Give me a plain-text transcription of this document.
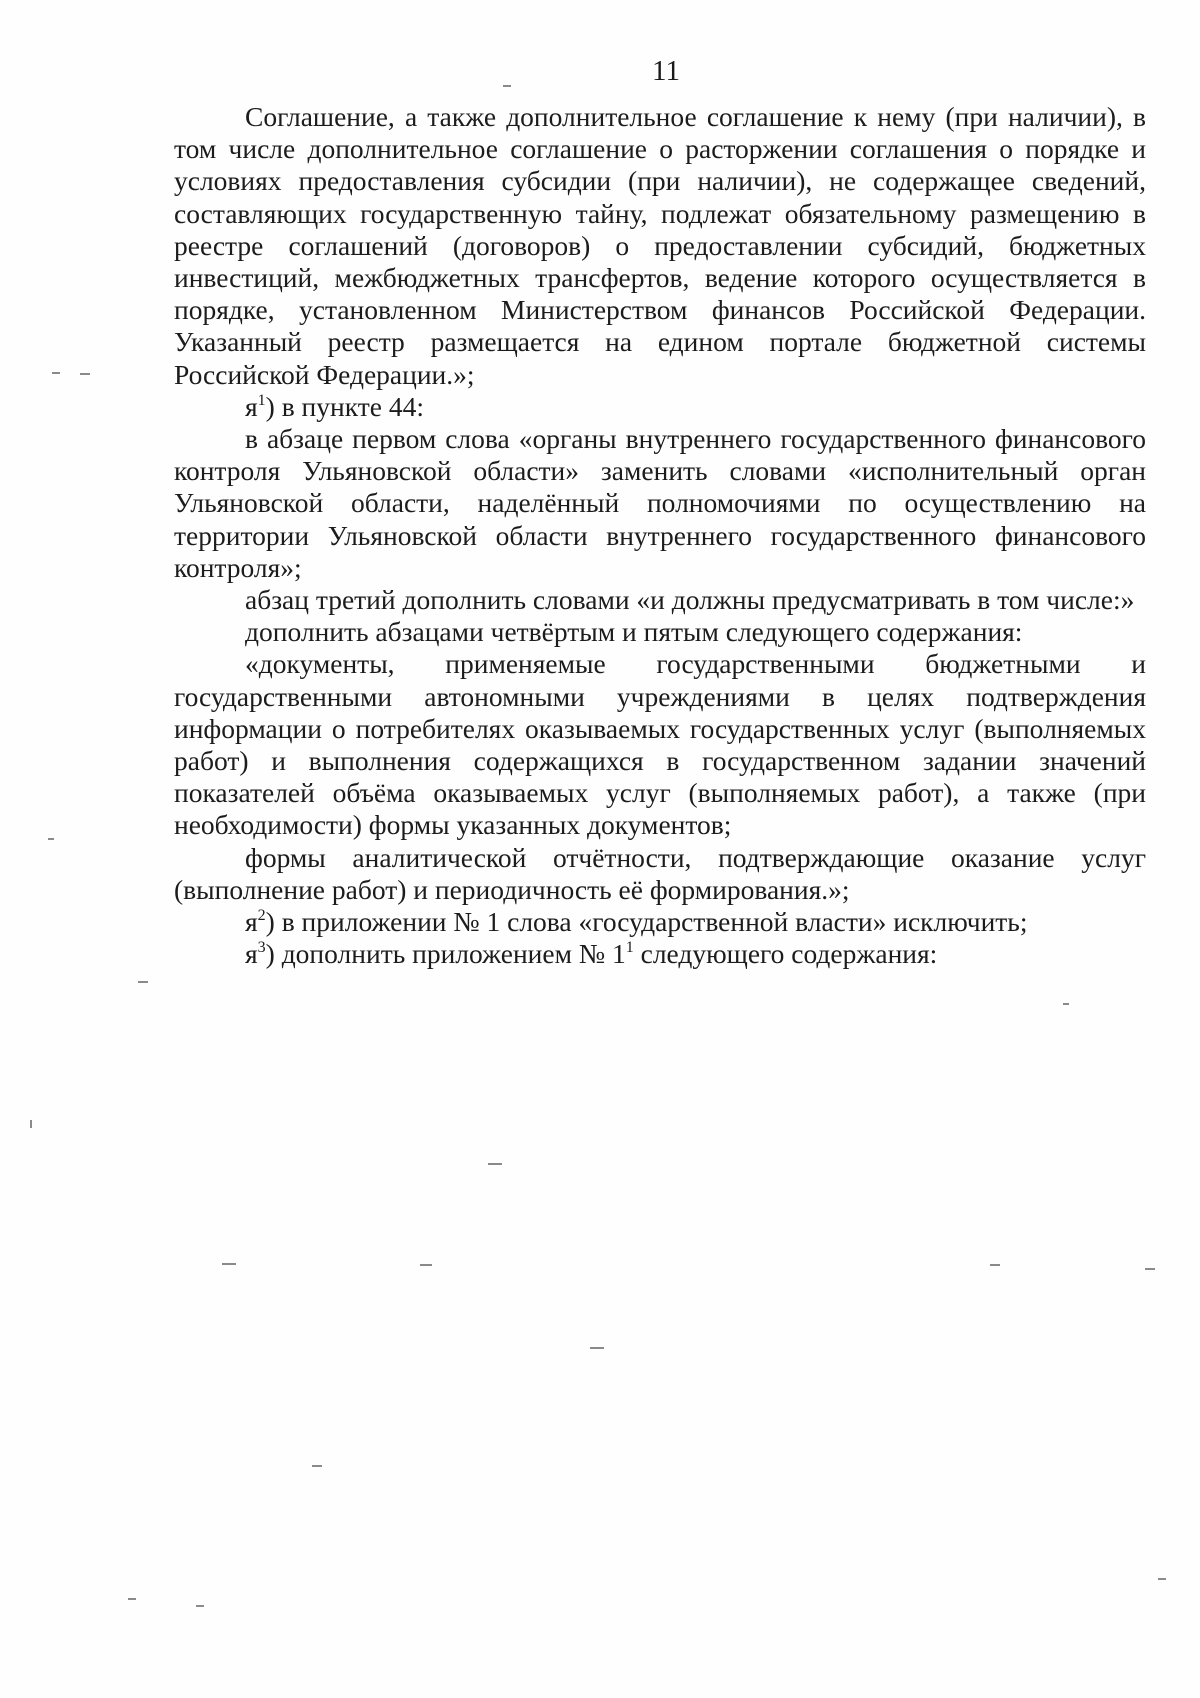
11

Соглашение, а также дополнительное соглашение к нему (при наличии), в том числе дополнительное соглашение о расторжении соглашения о порядке и условиях предоставления субсидии (при наличии), не содержащее сведений, составляющих государственную тайну, подлежат обязательному размещению в реестре соглашений (договоров) о предоставлении субсидий, бюджетных инвестиций, межбюджетных трансфертов, ведение которого осуществляется в порядке, установленном Министерством финансов Российской Федерации. Указанный реестр размещается на едином портале бюджетной системы Российской Федерации.»;

$я^1$) в пункте 44:

в абзаце первом слова «органы внутреннего государственного финансового контроля Ульяновской области» заменить словами «исполнительный орган Ульяновской области, наделённый полномочиями по осуществлению на территории Ульяновской области внутреннего государственного финансового контроля»;

абзац третий дополнить словами «и должны предусматривать в том числе:»

дополнить абзацами четвёртым и пятым следующего содержания:

«документы, применяемые государственными бюджетными и государственными автономными учреждениями в целях подтверждения информации о потребителях оказываемых государственных услуг (выполняемых работ) и выполнения содержащихся в государственном задании значений показателей объёма оказываемых услуг (выполняемых работ), а также (при необходимости) формы указанных документов;

формы аналитической отчётности, подтверждающие оказание услуг (выполнение работ) и периодичность её формирования.»;

$я^2$) в приложении № 1 слова «государственной власти» исключить;

$я^3$) дополнить приложением № $1^1$ следующего содержания:
